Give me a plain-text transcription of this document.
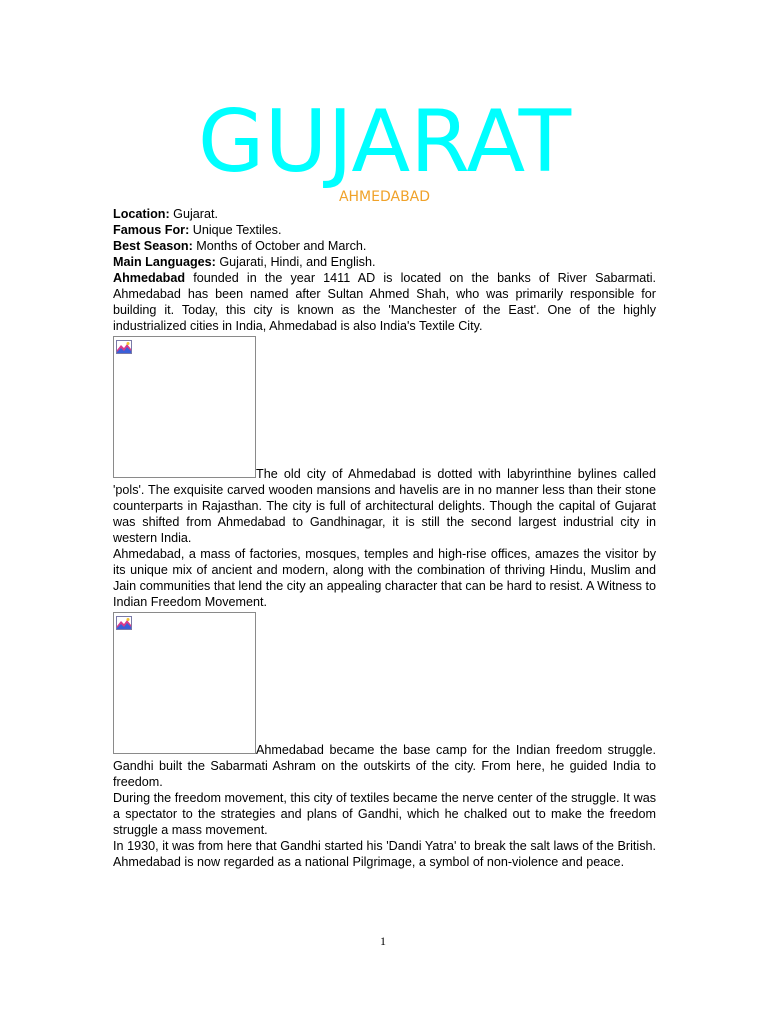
GUJARAT
AHMEDABAD

Location: Gujarat.

Famous For: Unique Textiles.

Best Season: Months of October and March.

Main Languages: Gujarati, Hindi, and English.

Ahmedabad founded in the year 1411 AD is located on the banks of River Sabarmati. Ahmedabad has been named after Sultan Ahmed Shah, who was primarily responsible for building it. Today, this city is known as the 'Manchester of the East'. One of the highly industrialized cities in India, Ahmedabad is also India's Textile City.

The old city of Ahmedabad is dotted with labyrinthine bylines called 'pols'. The exquisite carved wooden mansions and havelis are in no manner less than their stone counterparts in Rajasthan. The city is full of architectural delights. Though the capital of Gujarat was shifted from Ahmedabad to Gandhinagar, it is still the second largest industrial city in western India.

Ahmedabad, a mass of factories, mosques, temples and high-rise offices, amazes the visitor by its unique mix of ancient and modern, along with the combination of thriving Hindu, Muslim and Jain communities that lend the city an appealing character that can be hard to resist. A Witness to Indian Freedom Movement.

Ahmedabad became the base camp for the Indian freedom struggle. Gandhi built the Sabarmati Ashram on the outskirts of the city. From here, he guided India to freedom.

During the freedom movement, this city of textiles became the nerve center of the struggle. It was a spectator to the strategies and plans of Gandhi, which he chalked out to make the freedom struggle a mass movement.

In 1930, it was from here that Gandhi started his 'Dandi Yatra' to break the salt laws of the British. Ahmedabad is now regarded as a national Pilgrimage, a symbol of non-violence and peace.

1
